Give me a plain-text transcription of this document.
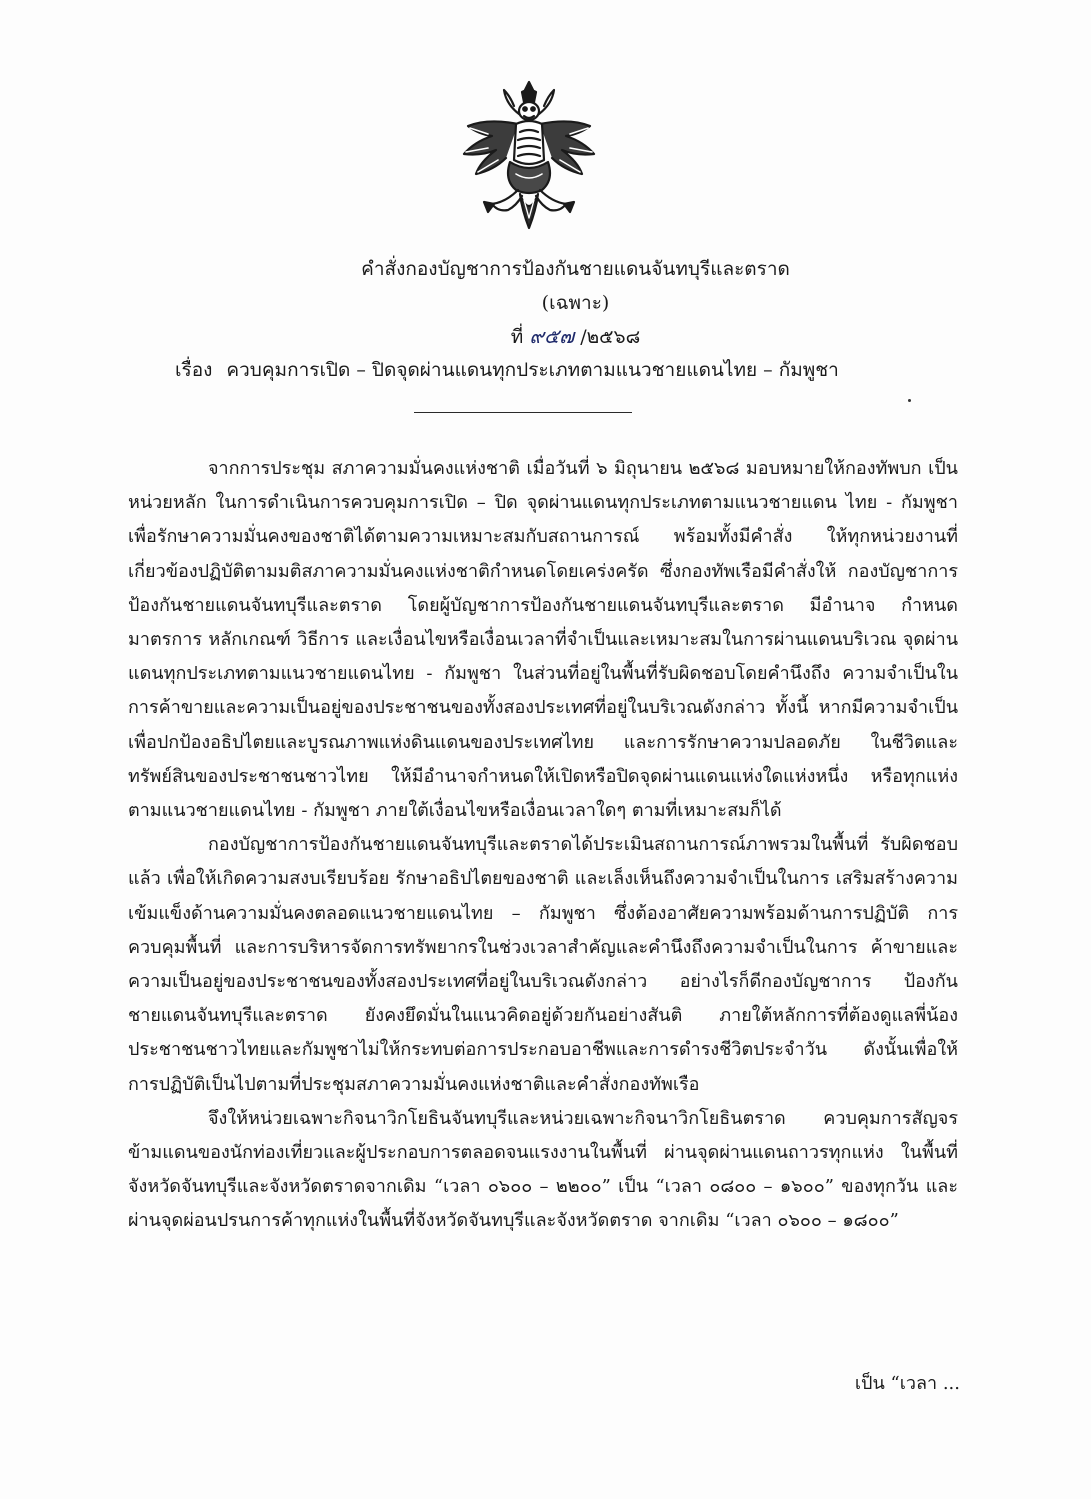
คำสั่งกองบัญชาการป้องกันชายแดนจันทบุรีและตราด
(เฉพาะ)
ที่ ๙๕๗ /๒๕๖๘
เรื่อง ควบคุมการเปิด – ปิดจุดผ่านแดนทุกประเภทตามแนวชายแดนไทย – กัมพูชา

จากการประชุม สภาความมั่นคงแห่งชาติ เมื่อวันที่ ๖ มิถุนายน ๒๕๖๘ มอบหมายให้กองทัพบก เป็นหน่วยหลัก ในการดำเนินการควบคุมการเปิด – ปิด จุดผ่านแดนทุกประเภทตามแนวชายแดน ไทย - กัมพูชา เพื่อรักษาความมั่นคงของชาติได้ตามความเหมาะสมกับสถานการณ์ พร้อมทั้งมีคำสั่ง ให้ทุกหน่วยงานที่เกี่ยวข้องปฏิบัติตามมติสภาความมั่นคงแห่งชาติกำหนดโดยเคร่งครัด ซึ่งกองทัพเรือมีคำสั่งให้ กองบัญชาการป้องกันชายแดนจันทบุรีและตราด โดยผู้บัญชาการป้องกันชายแดนจันทบุรีและตราด มีอำนาจ กำหนดมาตรการ หลักเกณฑ์ วิธีการ และเงื่อนไขหรือเงื่อนเวลาที่จำเป็นและเหมาะสมในการผ่านแดนบริเวณ จุดผ่านแดนทุกประเภทตามแนวชายแดนไทย - กัมพูชา ในส่วนที่อยู่ในพื้นที่รับผิดชอบโดยคำนึงถึง ความจำเป็นในการค้าขายและความเป็นอยู่ของประชาชนของทั้งสองประเทศที่อยู่ในบริเวณดังกล่าว ทั้งนี้ หากมีความจำเป็นเพื่อปกป้องอธิปไตยและบูรณภาพแห่งดินแดนของประเทศไทย และการรักษาความปลอดภัย ในชีวิตและทรัพย์สินของประชาชนชาวไทย ให้มีอำนาจกำหนดให้เปิดหรือปิดจุดผ่านแดนแห่งใดแห่งหนึ่ง หรือทุกแห่งตามแนวชายแดนไทย - กัมพูชา ภายใต้เงื่อนไขหรือเงื่อนเวลาใดๆ ตามที่เหมาะสมก็ได้

กองบัญชาการป้องกันชายแดนจันทบุรีและตราดได้ประเมินสถานการณ์ภาพรวมในพื้นที่ รับผิดชอบแล้ว เพื่อให้เกิดความสงบเรียบร้อย รักษาอธิปไตยของชาติ และเล็งเห็นถึงความจำเป็นในการ เสริมสร้างความเข้มแข็งด้านความมั่นคงตลอดแนวชายแดนไทย – กัมพูชา ซึ่งต้องอาศัยความพร้อมด้านการปฏิบัติ การควบคุมพื้นที่ และการบริหารจัดการทรัพยากรในช่วงเวลาสำคัญและคำนึงถึงความจำเป็นในการ ค้าขายและความเป็นอยู่ของประชาชนของทั้งสองประเทศที่อยู่ในบริเวณดังกล่าว อย่างไรก็ดีกองบัญชาการ ป้องกันชายแดนจันทบุรีและตราด ยังคงยึดมั่นในแนวคิดอยู่ด้วยกันอย่างสันติ ภายใต้หลักการที่ต้องดูแลพี่น้อง ประชาชนชาวไทยและกัมพูชาไม่ให้กระทบต่อการประกอบอาชีพและการดำรงชีวิตประจำวัน ดังนั้นเพื่อให้ การปฏิบัติเป็นไปตามที่ประชุมสภาความมั่นคงแห่งชาติและคำสั่งกองทัพเรือ

จึงให้หน่วยเฉพาะกิจนาวิกโยธินจันทบุรีและหน่วยเฉพาะกิจนาวิกโยธินตราด ควบคุมการสัญจร ข้ามแดนของนักท่องเที่ยวและผู้ประกอบการตลอดจนแรงงานในพื้นที่ ผ่านจุดผ่านแดนถาวรทุกแห่ง ในพื้นที่จังหวัดจันทบุรีและจังหวัดตราดจากเดิม “เวลา ๐๖๐๐ – ๒๒๐๐” เป็น “เวลา ๐๘๐๐ – ๑๖๐๐” ของทุกวัน และผ่านจุดผ่อนปรนการค้าทุกแห่งในพื้นที่จังหวัดจันทบุรีและจังหวัดตราด จากเดิม “เวลา ๐๖๐๐ – ๑๘๐๐”

เป็น “เวลา ...
